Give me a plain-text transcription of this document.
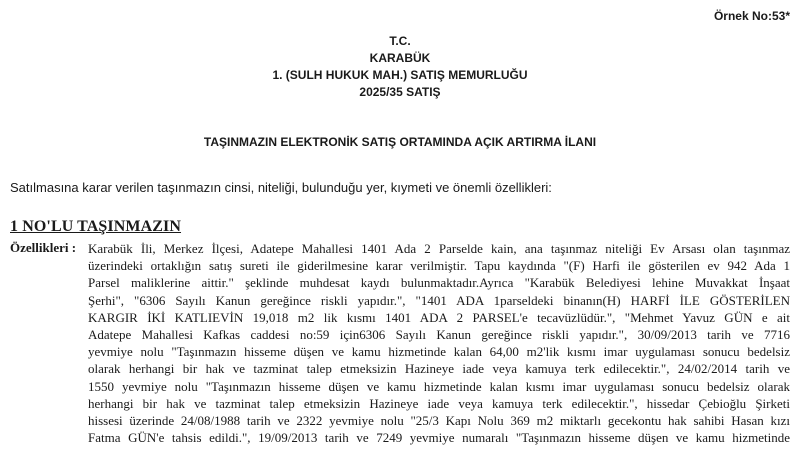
Örnek No:53*
T.C.
KARABÜK
1. (SULH HUKUK MAH.) SATIŞ MEMURLUĞU
2025/35 SATIŞ
TAŞINMAZIN ELEKTRONİK SATIŞ ORTAMINDA AÇIK ARTIRMA İLANI
Satılmasına karar verilen taşınmazın cinsi, niteliği, bulunduğu yer, kıymeti ve önemli özellikleri:
1 NO'LU TAŞINMAZIN
Özellikleri : Karabük İli, Merkez İlçesi, Adatepe Mahallesi 1401 Ada 2 Parselde kain, ana taşınmaz niteliği Ev Arsası olan taşınmaz
üzerindeki ortaklığın satış sureti ile giderilmesine karar verilmiştir. Tapu kaydında "(F) Harfi ile gösterilen ev 942 Ada 1
Parsel maliklerine aittir." şeklinde muhdesat kaydı bulunmaktadır.Ayrıca "Karabük Belediyesi lehine Muvakkat İnşaat
Şerhi", "6306 Sayılı Kanun gereğince riskli yapıdır.", "1401 ADA 1parseldeki binanın(H) HARFİ İLE GÖSTERİLEN
KARGIR İKİ KATLIEVİN 19,018 m2 lik kısmı 1401 ADA 2 PARSEL'e tecavüzlüdür.", "Mehmet Yavuz GÜN e ait
Adatepe Mahallesi Kafkas caddesi no:59 için6306 Sayılı Kanun gereğince riskli yapıdır.", 30/09/2013 tarih ve 7716
yevmiye nolu "Taşınmazın hisseme düşen ve kamu hizmetinde kalan 64,00 m2'lik kısmı imar uygulaması sonucu bedelsiz
olarak herhangi bir hak ve tazminat talep etmeksizin Hazineye iade veya kamuya terk edilecektir.", 24/02/2014 tarih ve
1550 yevmiye nolu "Taşınmazın hisseme düşen ve kamu hizmetinde kalan kısmı imar uygulaması sonucu bedelsiz olarak
herhangi bir hak ve tazminat talep etmeksizin Hazineye iade veya kamuya terk edilecektir.", hissedar Çebioğlu Şirketi
hissesi üzerinde 24/08/1988 tarih ve 2322 yevmiye nolu "25/3 Kapı Nolu 369 m2 miktarlı gecekontu hak sahibi Hasan kızı
Fatma GÜN'e tahsis edildi.", 19/09/2013 tarih ve 7249 yevmiye numaralı "Taşınmazın hisseme düşen ve kamu hizmetinde
